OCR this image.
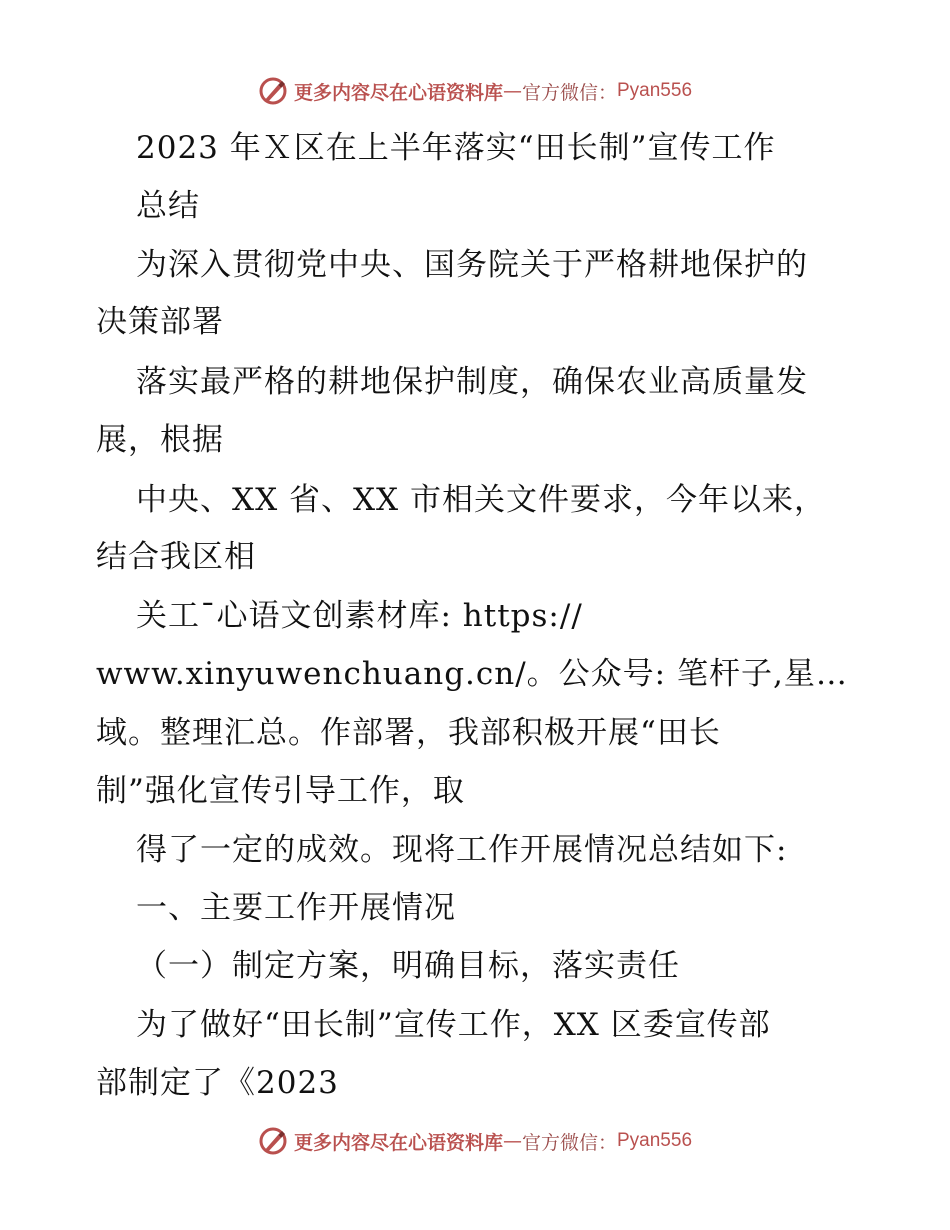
更多内容尽在心语资料库 — 官方微信： Pyan556
2023 年Ｘ区在上半年落实“田长制”宣传工作
总结
为深入贯彻党中央、国务院关于严格耕地保护的
决策部署
落实最严格的耕地保护制度，确保农业高质量发
展，根据
中央、XX 省、XX 市相关文件要求，今年以来，
结合我区相
关工¯心语文创素材库: https://
www.xinyuwenchuang.cn/。公众号: 笔杆子,星…
域。整理汇总。作部署，我部积极开展“田长
制”强化宣传引导工作，取
得了一定的成效。现将工作开展情况总结如下:
一、主要工作开展情况
（一）制定方案，明确目标，落实责任
为了做好“田长制”宣传工作，XX 区委宣传部
部制定了《2023
更多内容尽在心语资料库 — 官方微信： Pyan556
